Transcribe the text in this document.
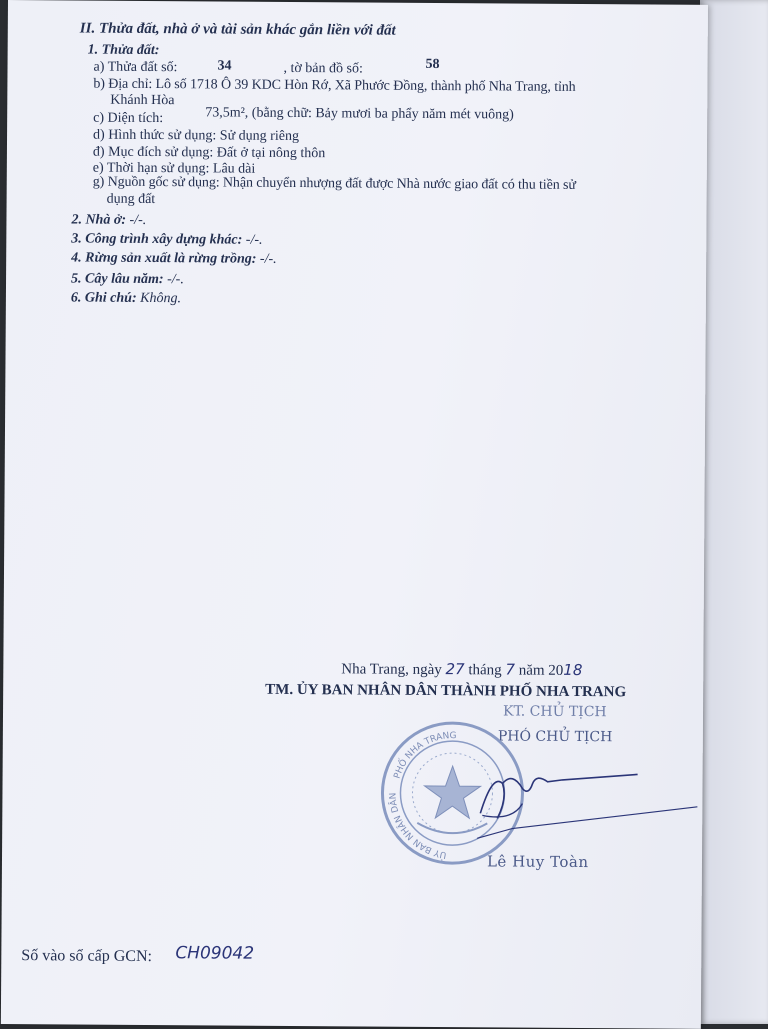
II. Thửa đất, nhà ở và tài sản khác gắn liền với đất
1. Thửa đất:
a) Thửa đất số:	34	, tờ bản đồ số:	58
b) Địa chỉ: Lô số 1718 Ô 39 KDC Hòn Rớ, Xã Phước Đồng, thành phố Nha Trang, tỉnh
Khánh Hòa
c) Diện tích:	73,5m², (bằng chữ: Bảy mươi ba phẩy năm mét vuông)
d) Hình thức sử dụng: Sử dụng riêng
đ) Mục đích sử dụng: Đất ở tại nông thôn
e) Thời hạn sử dụng: Lâu dài
g) Nguồn gốc sử dụng: Nhận chuyển nhượng đất được Nhà nước giao đất có thu tiền sử
dụng đất
2. Nhà ở: -/-.
3. Công trình xây dựng khác: -/-.
4. Rừng sản xuất là rừng trồng: -/-.
5. Cây lâu năm: -/-.
6. Ghi chú: Không.
Nha Trang, ngày 27 tháng 7 năm 2018
TM. ỦY BAN NHÂN DÂN THÀNH PHỐ NHA TRANG
KT. CHỦ TỊCH
PHÓ CHỦ TỊCH
PHỐ NHA TRANG
ỦY BAN NHÂN DÂN
Lê Huy Toàn
Số vào sổ cấp GCN: CH09042
